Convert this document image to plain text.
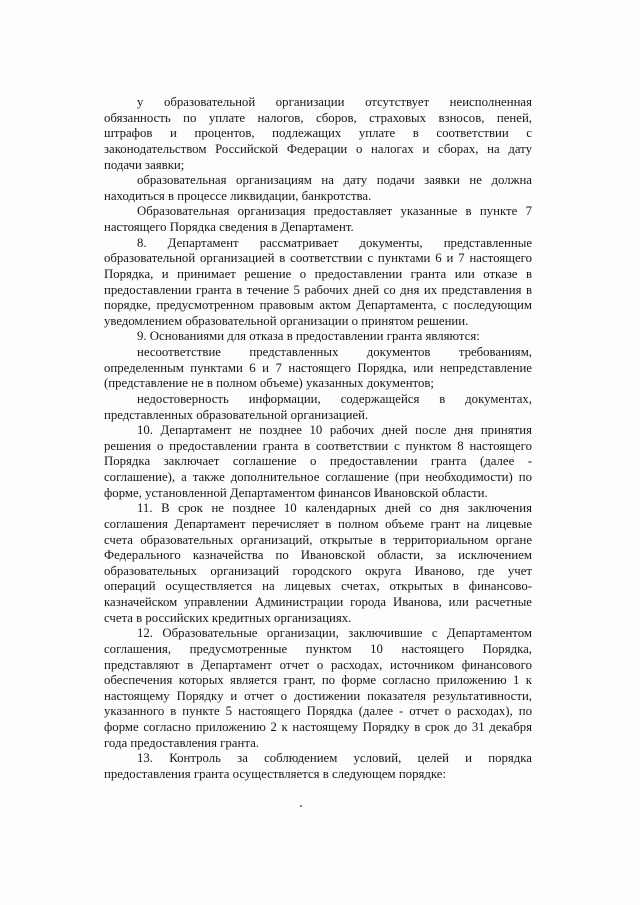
у образовательной организации отсутствует неисполненная
обязанность по уплате налогов, сборов, страховых взносов, пеней,
штрафов и процентов, подлежащих уплате в соответствии с
законодательством Российской Федерации о налогах и сборах, на дату
подачи заявки;
образовательная организациям на дату подачи заявки не должна
находиться в процессе ликвидации, банкротства.
Образовательная организация предоставляет указанные в пункте 7
настоящего Порядка сведения в Департамент.
8. Департамент рассматривает документы, представленные
образовательной организацией в соответствии с пунктами 6 и 7 настоящего
Порядка, и принимает решение о предоставлении гранта или отказе в
предоставлении гранта в течение 5 рабочих дней со дня их представления в
порядке, предусмотренном правовым актом Департамента, с последующим
уведомлением образовательной организации о принятом решении.
9. Основаниями для отказа в предоставлении гранта являются:
несоответствие представленных документов требованиям,
определенным пунктами 6 и 7 настоящего Порядка, или непредставление
(представление не в полном объеме) указанных документов;
недостоверность информации, содержащейся в документах,
представленных образовательной организацией.
10. Департамент не позднее 10 рабочих дней после дня принятия
решения о предоставлении гранта в соответствии с пунктом 8 настоящего
Порядка заключает соглашение о предоставлении гранта (далее -
соглашение), а также дополнительное соглашение (при необходимости) по
форме, установленной Департаментом финансов Ивановской области.
11. В срок не позднее 10 календарных дней со дня заключения
соглашения Департамент перечисляет в полном объеме грант на лицевые
счета образовательных организаций, открытые в территориальном органе
Федерального казначейства по Ивановской области, за исключением
образовательных организаций городского округа Иваново, где учет
операций осуществляется на лицевых счетах, открытых в финансово-
казначейском управлении Администрации города Иванова, или расчетные
счета в российских кредитных организациях.
12. Образовательные организации, заключившие с Департаментом
соглашения, предусмотренные пунктом 10 настоящего Порядка,
представляют в Департамент отчет о расходах, источником финансового
обеспечения которых является грант, по форме согласно приложению 1 к
настоящему Порядку и отчет о достижении показателя результативности,
указанного в пункте 5 настоящего Порядка (далее - отчет о расходах), по
форме согласно приложению 2 к настоящему Порядку в срок до 31 декабря
года предоставления гранта.
13. Контроль за соблюдением условий, целей и порядка
предоставления гранта осуществляется в следующем порядке:
